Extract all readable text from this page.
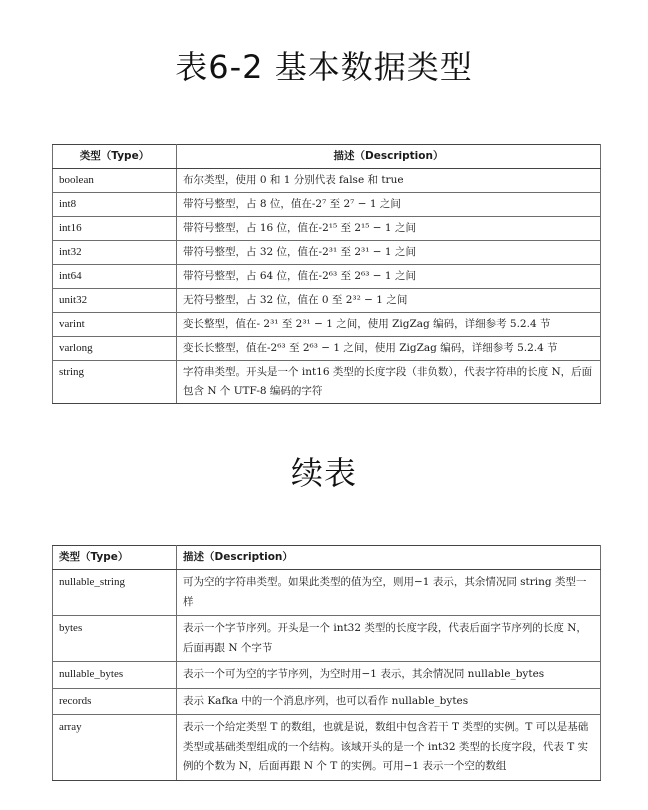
表6-2 基本数据类型
类型（Type）	描述（Description）
boolean	布尔类型，使用 0 和 1 分别代表 false 和 true
int8	带符号整型，占 8 位，值在-2⁷ 至 2⁷ − 1 之间
int16	带符号整型，占 16 位，值在-2¹⁵ 至 2¹⁵ − 1 之间
int32	带符号整型，占 32 位，值在-2³¹ 至 2³¹ − 1 之间
int64	带符号整型，占 64 位，值在-2⁶³ 至 2⁶³ − 1 之间
unit32	无符号整型，占 32 位，值在 0 至 2³² − 1 之间
varint	变长整型，值在- 2³¹ 至 2³¹ − 1 之间，使用 ZigZag 编码，详细参考 5.2.4 节
varlong	变长长整型，值在-2⁶³ 至 2⁶³ − 1 之间，使用 ZigZag 编码，详细参考 5.2.4 节
string	字符串类型。开头是一个 int16 类型的长度字段（非负数），代表字符串的长度 N，后面包含 N 个 UTF-8 编码的字符
续表
类型（Type）	描述（Description）
nullable_string	可为空的字符串类型。如果此类型的值为空，则用−1 表示，其余情况同 string 类型一样
bytes	表示一个字节序列。开头是一个 int32 类型的长度字段，代表后面字节序列的长度 N，后面再跟 N 个字节
nullable_bytes	表示一个可为空的字节序列，为空时用−1 表示，其余情况同 nullable_bytes
records	表示 Kafka 中的一个消息序列，也可以看作 nullable_bytes
array	表示一个给定类型 T 的数组，也就是说，数组中包含若干 T 类型的实例。T 可以是基础类型或基础类型组成的一个结构。该域开头的是一个 int32 类型的长度字段，代表 T 实例的个数为 N，后面再跟 N 个 T 的实例。可用−1 表示一个空的数组
